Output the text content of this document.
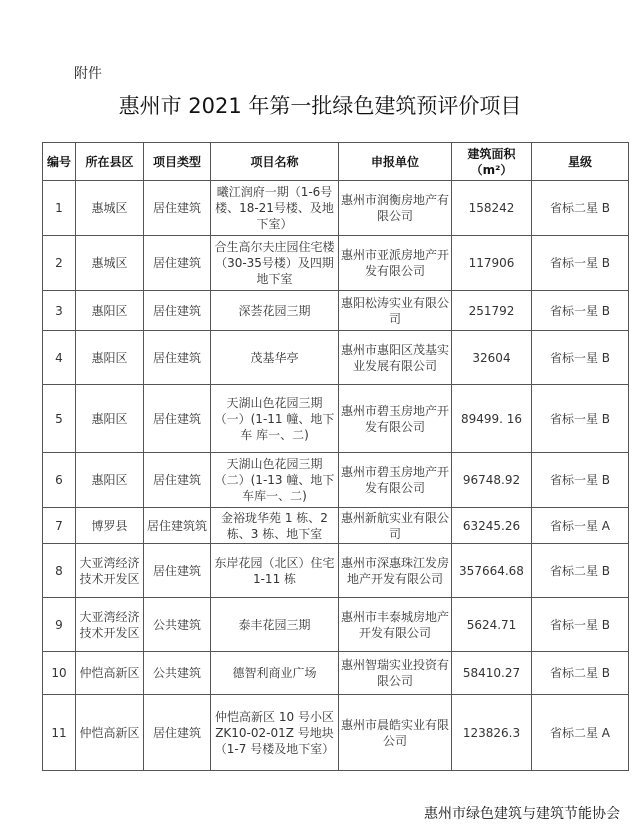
附件
惠州市 2021 年第一批绿色建筑预评价项目
编号	所在县区	项目类型	项目名称	申报单位	建筑面积（m²）	星级
1	惠城区	居住建筑	曦江润府一期（1-6号楼、18-21号楼、及地下室）	惠州市润衡房地产有限公司	158242	省标二星 B
2	惠城区	居住建筑	合生高尔夫庄园住宅楼（30-35号楼）及四期地下室	惠州市亚派房地产开发有限公司	117906	省标一星 B
3	惠阳区	居住建筑	深荟花园三期	惠阳松涛实业有限公司	251792	省标一星 B
4	惠阳区	居住建筑	茂基华亭	惠州市惠阳区茂基实业发展有限公司	32604	省标一星 B
5	惠阳区	居住建筑	天湖山色花园三期（一）(1-11 幢、地下车 库一、二)	惠州市碧玉房地产开发有限公司	89499. 16	省标一星 B
6	惠阳区	居住建筑	天湖山色花园三期（二）(1-13 幢、地下车库一、二)	惠州市碧玉房地产开发有限公司	96748.92	省标一星 B
7	博罗县	居住建筑筑	金裕珑华苑 1 栋、2 栋、3 栋、地下室	惠州新航实业有限公司	63245.26	省标一星 A
8	大亚湾经济技术开发区	居住建筑	东岸花园（北区）住宅 1-11 栋	惠州市深惠珠江发房地产开发有限公司	357664.68	省标二星 B
9	大亚湾经济技术开发区	公共建筑	泰丰花园三期	惠州市丰泰城房地产开发有限公司	5624.71	省标一星 B
10	仲恺高新区	公共建筑	德智利商业广场	惠州智瑞实业投资有限公司	58410.27	省标二星 B
11	仲恺高新区	居住建筑	仲恺高新区 10 号小区 ZK10-02-01Z 号地块（1-7 号楼及地下室）	惠州市晨皓实业有限公司	123826.3	省标二星 A
惠州市绿色建筑与建筑节能协会
